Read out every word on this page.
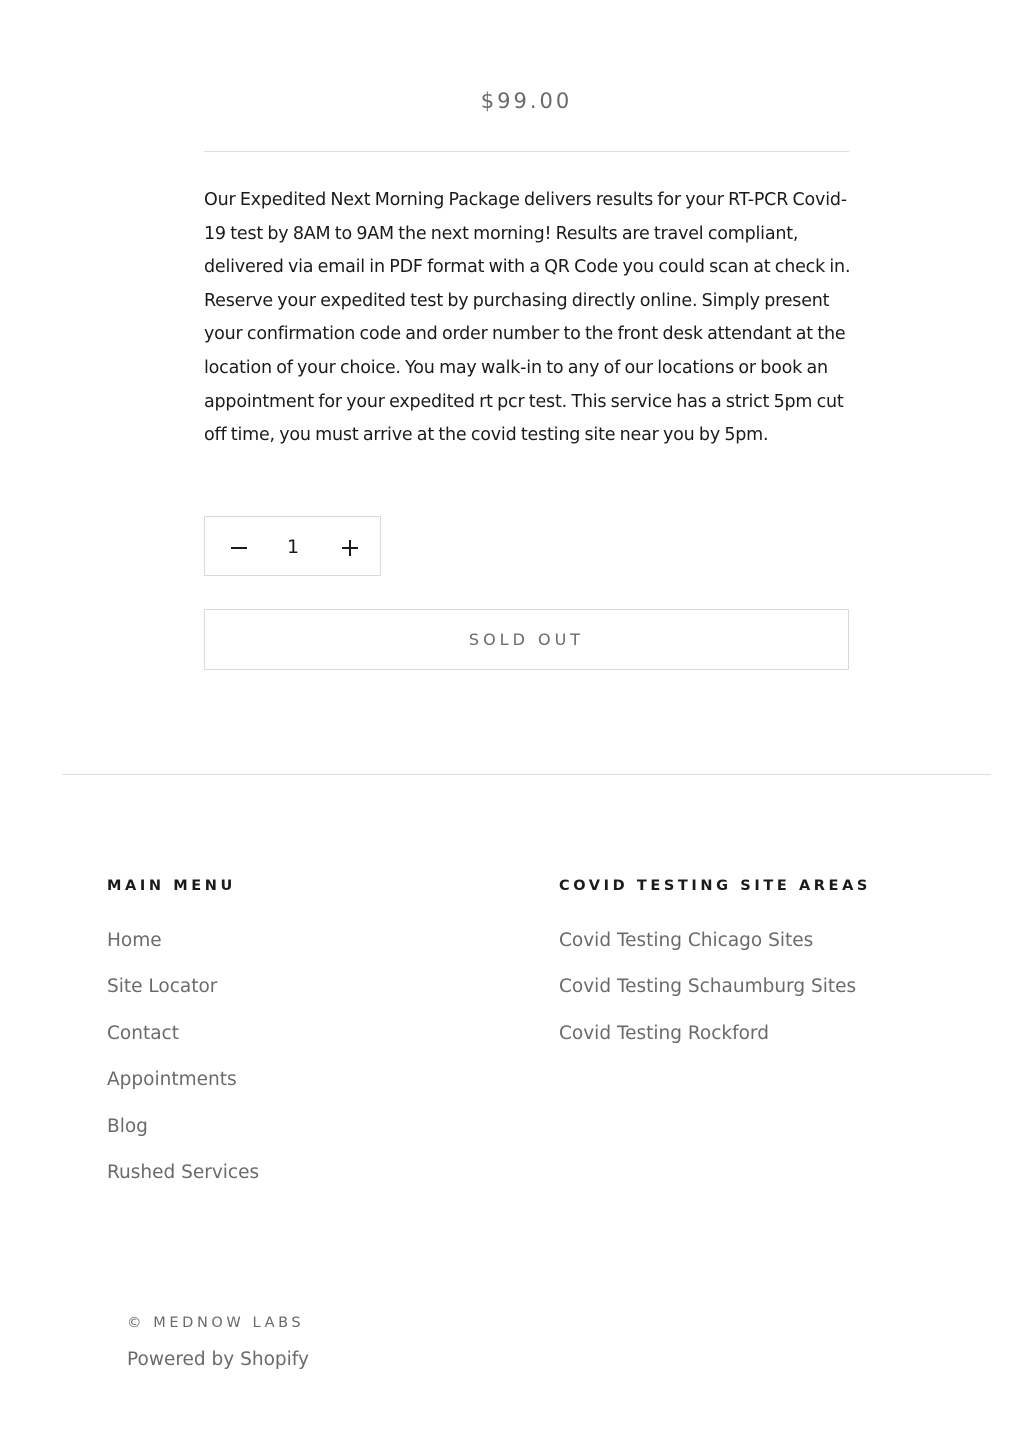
$99.00

Our Expedited Next Morning Package delivers results for your RT-PCR Covid-19 test by 8AM to 9AM the next morning! Results are travel compliant, delivered via email in PDF format with a QR Code you could scan at check in. Reserve your expedited test by purchasing directly online. Simply present your confirmation code and order number to the front desk attendant at the location of your choice. You may walk-in to any of our locations or book an appointment for your expedited rt pcr test. This service has a strict 5pm cut off time, you must arrive at the covid testing site near you by 5pm.

1
SOLD OUT
MAIN MENU
Home
Site Locator
Contact
Appointments
Blog
Rushed Services
COVID TESTING SITE AREAS
Covid Testing Chicago Sites
Covid Testing Schaumburg Sites
Covid Testing Rockford
© MEDNOW LABS
Powered by Shopify
